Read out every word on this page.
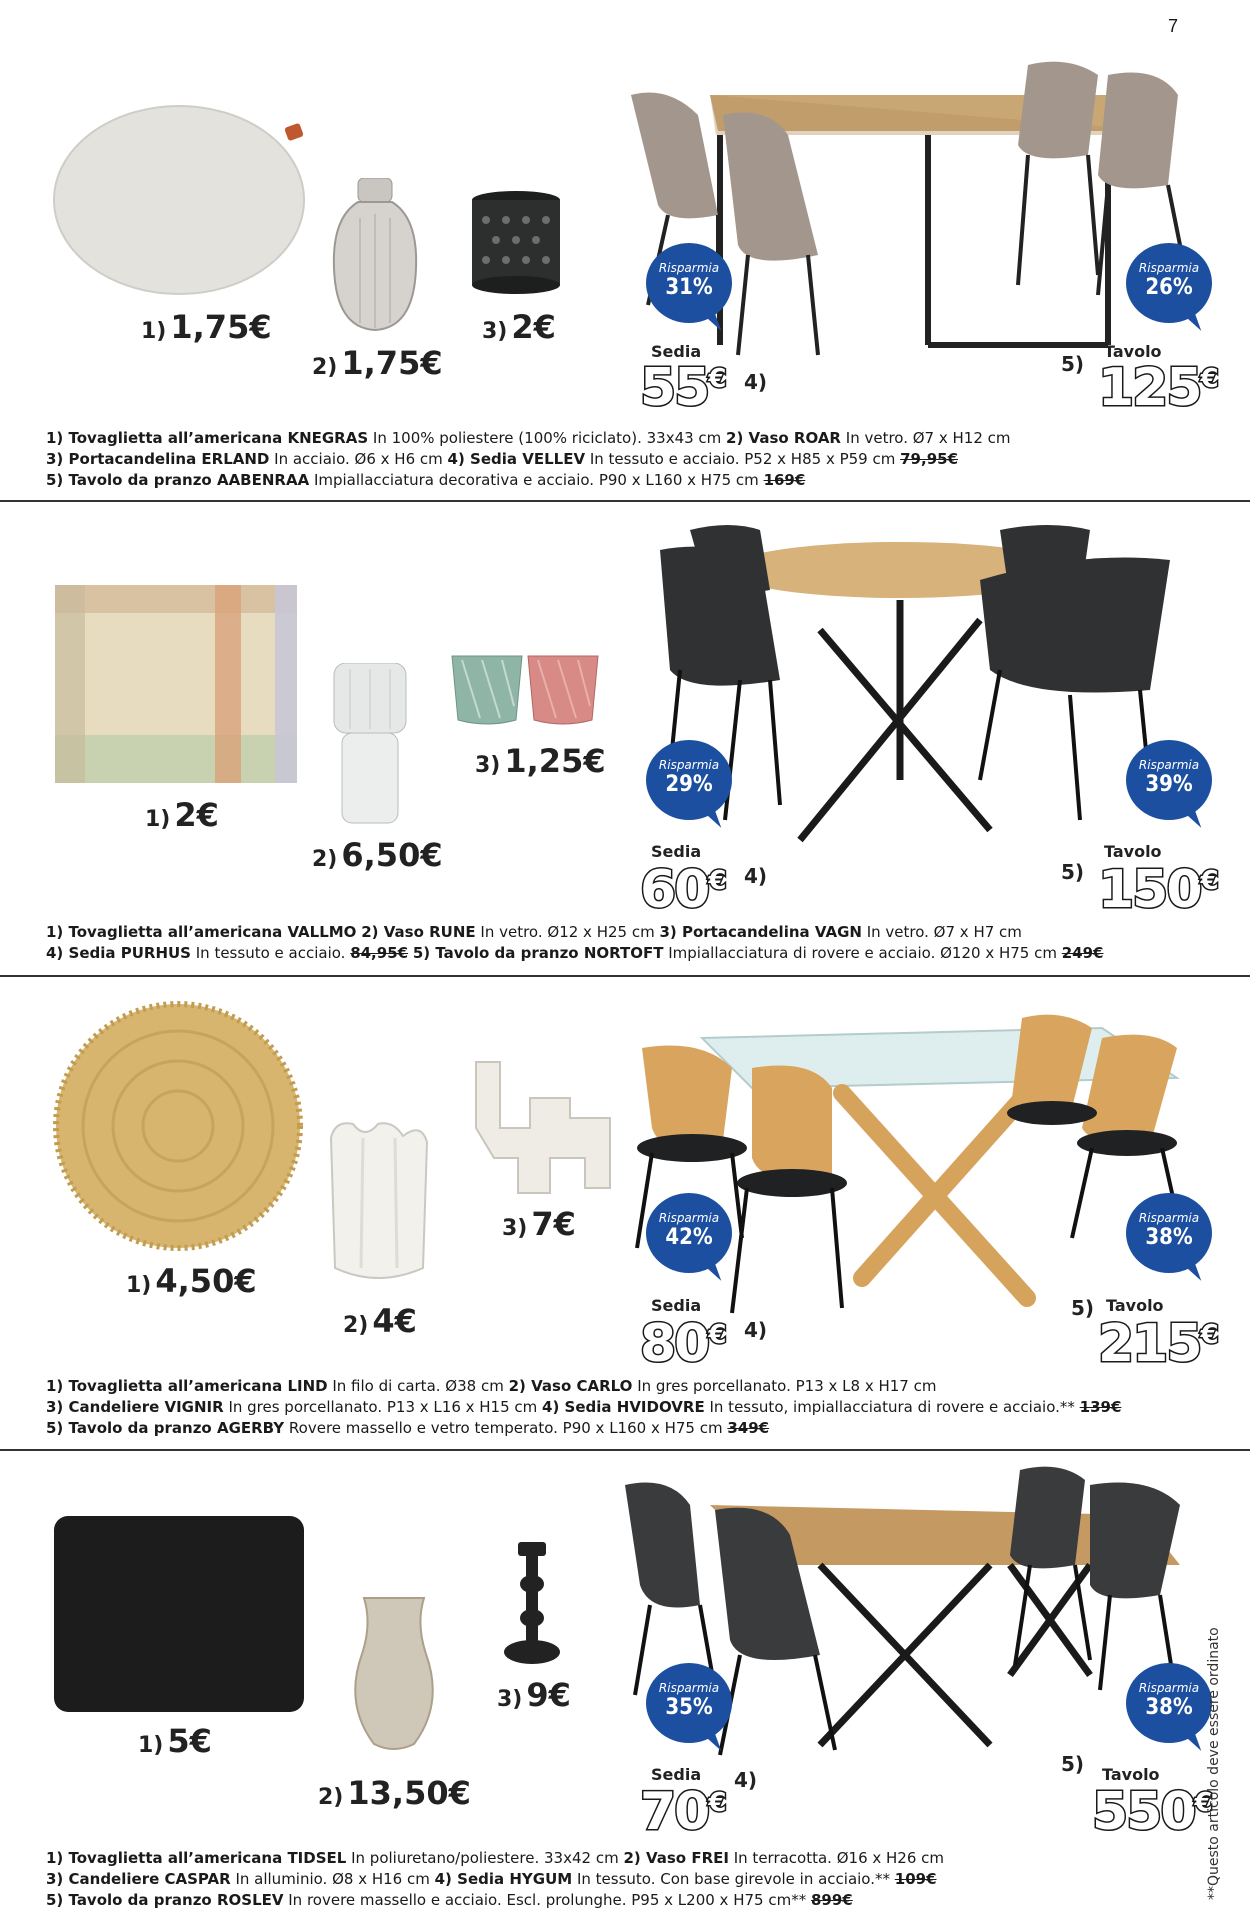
7
1) 1,75€
2) 1,75€
3) 2€
Risparmia
31%
Risparmia
26%
Sedia
55€ 4)
Tavolo
5) 125€
1) Tovaglietta all’americana KNEGRAS In 100% poliestere (100% riciclato). 33x43 cm 2) Vaso ROAR In vetro. Ø7 x H12 cm
3) Portacandelina ERLAND In acciaio. Ø6 x H6 cm 4) Sedia VELLEV In tessuto e acciaio. P52 x H85 x P59 cm 79,95€
5) Tavolo da pranzo AABENRAA Impiallacciatura decorativa e acciaio. P90 x L160 x H75 cm 169€
1) 2€
2) 6,50€
3) 1,25€	Risparmia
29%
Risparmia
39%
Sedia
60€ 4)
Tavolo
5) 150€
1) Tovaglietta all’americana VALLMO 2) Vaso RUNE In vetro. Ø12 x H25 cm 3) Portacandelina VAGN In vetro. Ø7 x H7 cm
4) Sedia PURHUS In tessuto e acciaio. 84,95€ 5) Tavolo da pranzo NORTOFT Impiallacciatura di rovere e acciaio. Ø120 x H75 cm 249€
1) 4,50€
2) 4€
3) 7€	Risparmia
42%
Risparmia
38%
Sedia
80€ 4)
Tavolo
5)
215€
1) Tovaglietta all’americana LIND In filo di carta. Ø38 cm 2) Vaso CARLO In gres porcellanato. P13 x L8 x H17 cm
3) Candeliere VIGNIR In gres porcellanato. P13 x L16 x H15 cm 4) Sedia HVIDOVRE In tessuto, impiallacciatura di rovere e acciaio.** 139€
5) Tavolo da pranzo AGERBY Rovere massello e vetro temperato. P90 x L160 x H75 cm 349€
1) 5€
2) 13,50€
3) 9€	Risparmia
35%
Risparmia
38%
Sedia
70€
4)	Tavolo
5)
550€
1) Tovaglietta all’americana TIDSEL In poliuretano/poliestere. 33x42 cm 2) Vaso FREI In terracotta. Ø16 x H26 cm
3) Candeliere CASPAR In alluminio. Ø8 x H16 cm 4) Sedia HYGUM In tessuto. Con base girevole in acciaio.** 109€
5) Tavolo da pranzo ROSLEV In rovere massello e acciaio. Escl. prolunghe. P95 x L200 x H75 cm** 899€	**Questo articolo deve essere ordinato
